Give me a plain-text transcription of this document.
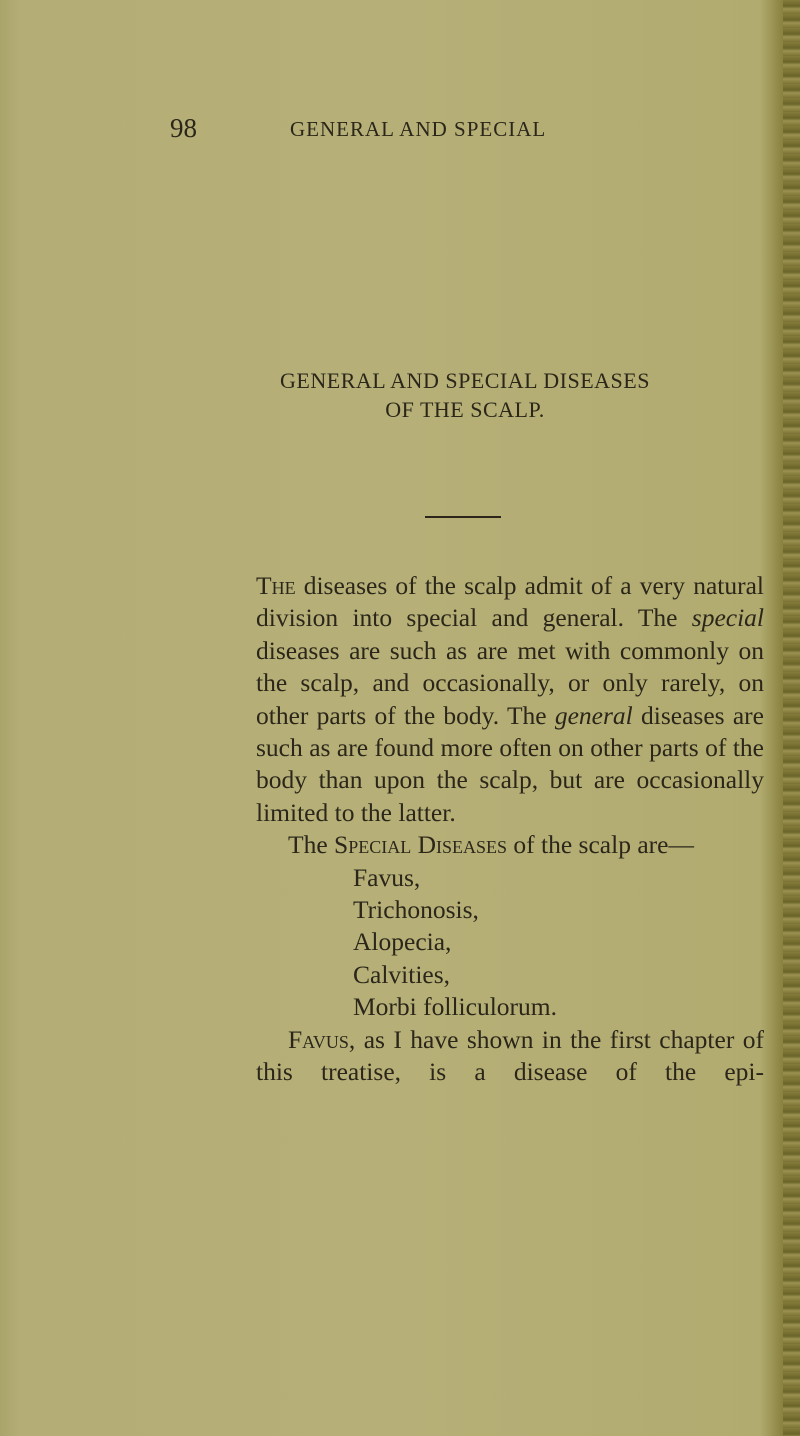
98	GENERAL AND SPECIAL
GENERAL AND SPECIAL DISEASES
OF THE SCALP.

The diseases of the scalp admit of a very natural division into special and general. The special diseases are such as are met with commonly on the scalp, and occasionally, or only rarely, on other parts of the body. The general diseases are such as are found more often on other parts of the body than upon the scalp, but are occasionally limited to the latter.

The Special Diseases of the scalp are—

Favus,
Trichonosis,
Alopecia,
Calvities,
Morbi folliculorum.

Favus, as I have shown in the first chapter of this treatise, is a disease of the epi-
